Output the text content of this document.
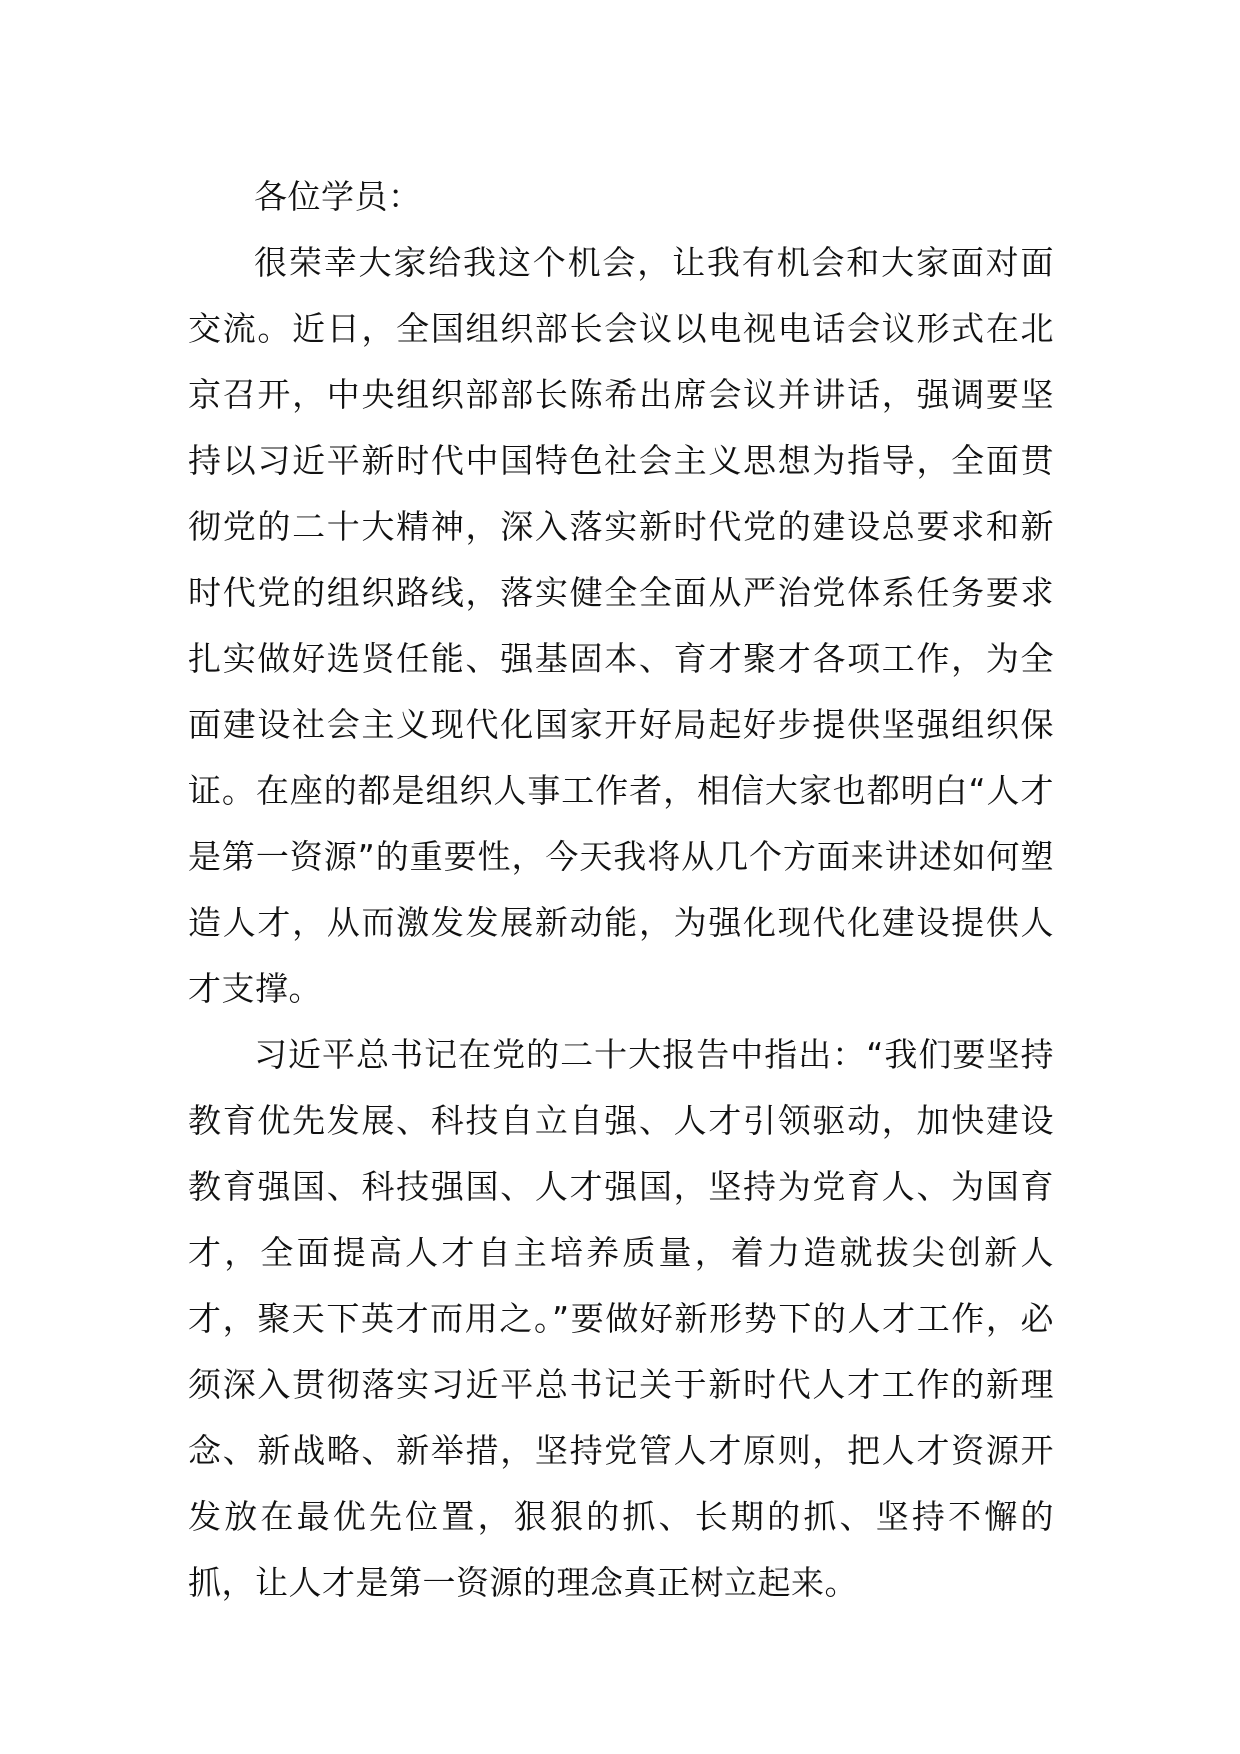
各位学员：

很荣幸大家给我这个机会，让我有机会和大家面对面交流。近日，全国组织部长会议以电视电话会议形式在北京召开，中央组织部部长陈希出席会议并讲话，强调要坚持以习近平新时代中国特色社会主义思想为指导，全面贯彻党的二十大精神，深入落实新时代党的建设总要求和新时代党的组织路线，落实健全全面从严治党体系任务要求扎实做好选贤任能、强基固本、育才聚才各项工作，为全面建设社会主义现代化国家开好局起好步提供坚强组织保证。在座的都是组织人事工作者，相信大家也都明白“人才是第一资源”的重要性，今天我将从几个方面来讲述如何塑造人才，从而激发发展新动能，为强化现代化建设提供人才支撑。

习近平总书记在党的二十大报告中指出：“我们要坚持教育优先发展、科技自立自强、人才引领驱动，加快建设教育强国、科技强国、人才强国，坚持为党育人、为国育才，全面提高人才自主培养质量，着力造就拔尖创新人才，聚天下英才而用之。”要做好新形势下的人才工作，必须深入贯彻落实习近平总书记关于新时代人才工作的新理念、新战略、新举措，坚持党管人才原则，把人才资源开发放在最优先位置，狠狠的抓、长期的抓、坚持不懈的抓，让人才是第一资源的理念真正树立起来。
